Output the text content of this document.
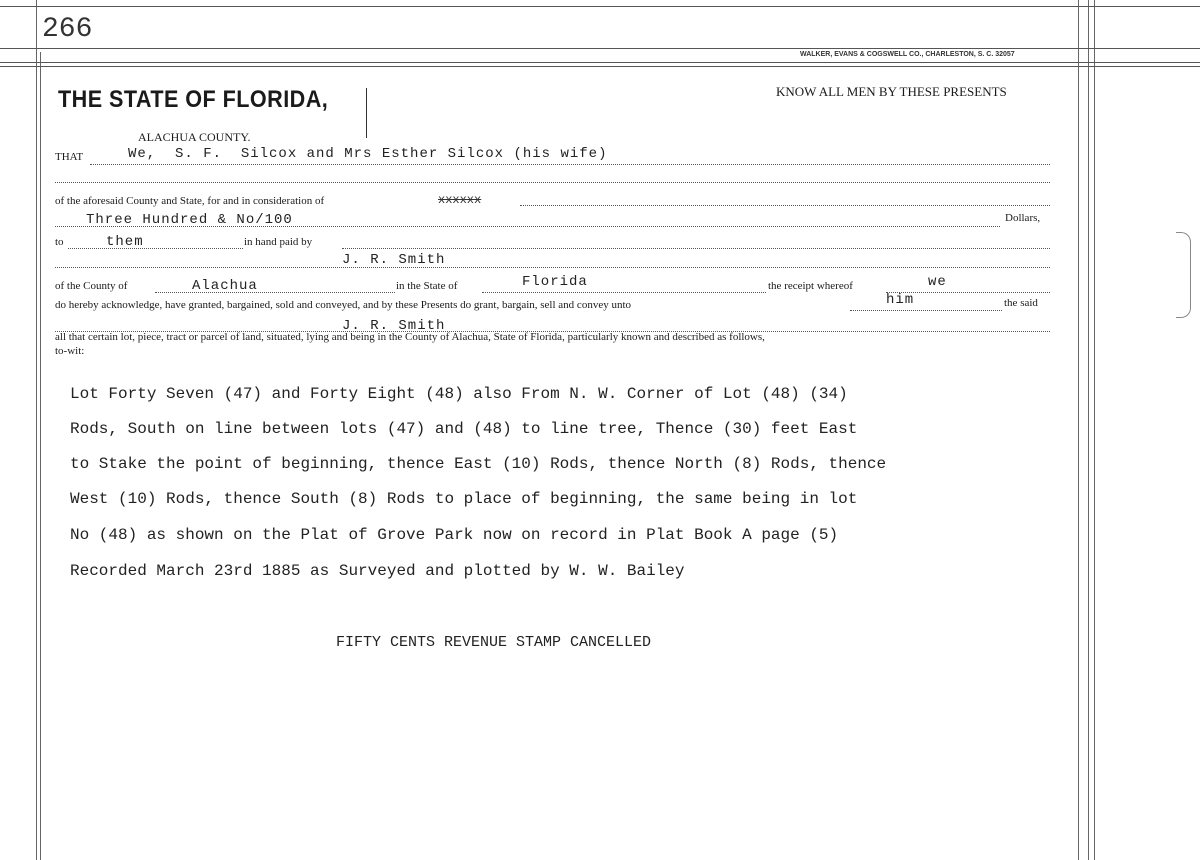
266
WALKER, EVANS & COGSWELL CO., CHARLESTON, S. C. 32057
THE STATE OF FLORIDA,	KNOW ALL MEN BY THESE PRESENTS
ALACHUA COUNTY.
THAT	We,  S. F.  Silcox and Mrs Esther Silcox (his wife)
of the aforesaid County and State, for and in consideration of	xxxxxx
Three Hundred & No/100	Dollars,
to	them	in hand paid by
J. R. Smith
of the County of	Alachua	in the State of	Florida	the receipt whereof	we
do hereby acknowledge, have granted, bargained, sold and conveyed, and by these Presents do grant, bargain, sell and convey unto	him	the said
J. R. Smith
all that certain lot, piece, tract or parcel of land, situated, lying and being in the County of Alachua, State of Florida, particularly known and described as follows,
to-wit:
Lot Forty Seven (47) and Forty Eight (48) also From N. W. Corner of Lot (48) (34)
Rods, South on line between lots (47) and (48) to line tree, Thence (30) feet East
to Stake the point of beginning, thence East (10) Rods, thence North (8) Rods, thence
West (10) Rods, thence South (8) Rods to place of beginning, the same being in lot
No (48) as shown on the Plat of Grove Park now on record in Plat Book A page (5)
Recorded March 23rd 1885 as Surveyed and plotted by W. W. Bailey
FIFTY CENTS REVENUE STAMP CANCELLED
